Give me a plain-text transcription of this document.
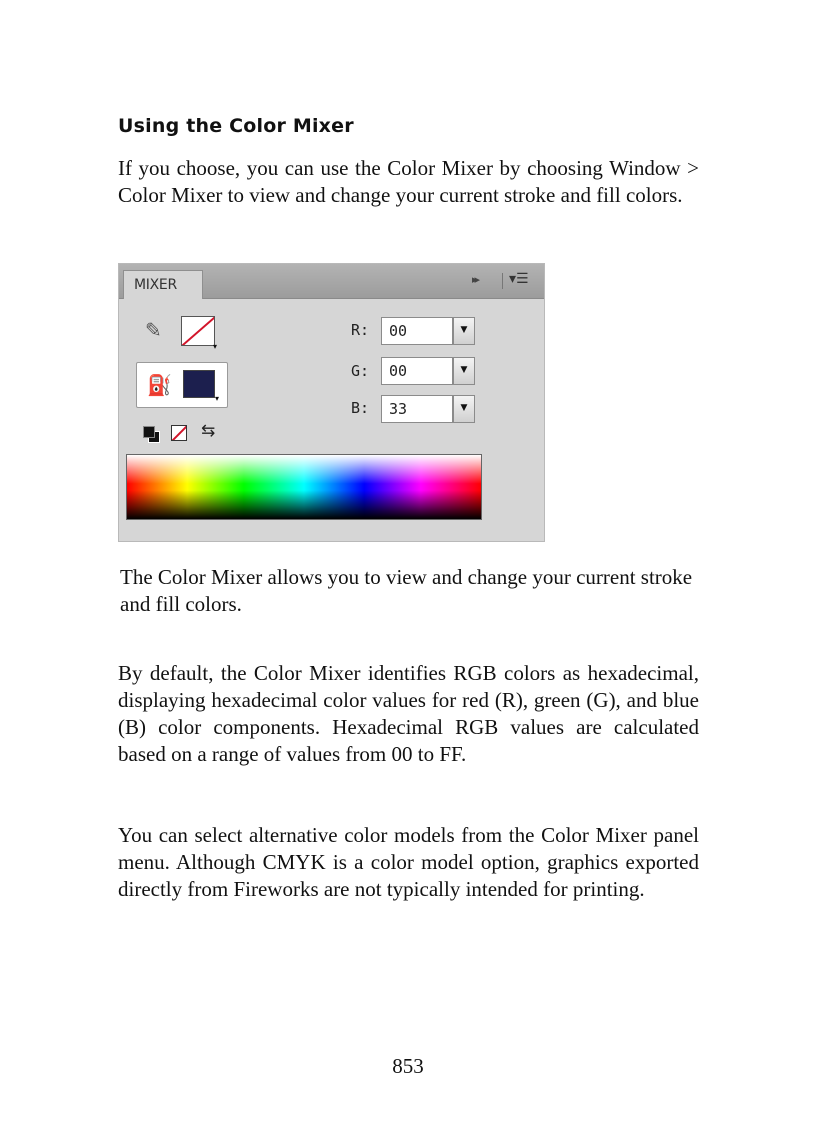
Using the Color Mixer

If you choose, you can use the Color Mixer by choosing Window > Color Mixer to view and change your current stroke and fill colors.

MIXER	▸▸ ▾☰
✎
▾
⛽
▾
⇆
R:	00	▼
G:	00	▼
B:	33	▼

The Color Mixer allows you to view and change your current stroke and fill colors.

By default, the Color Mixer identifies RGB colors as hexadecimal, displaying hexadecimal color values for red (R), green (G), and blue (B) color components. Hexadecimal RGB values are calculated based on a range of values from 00 to FF.

You can select alternative color models from the Color Mixer panel menu. Although CMYK is a color model option, graphics exported directly from Fireworks are not typically intended for printing.

853
